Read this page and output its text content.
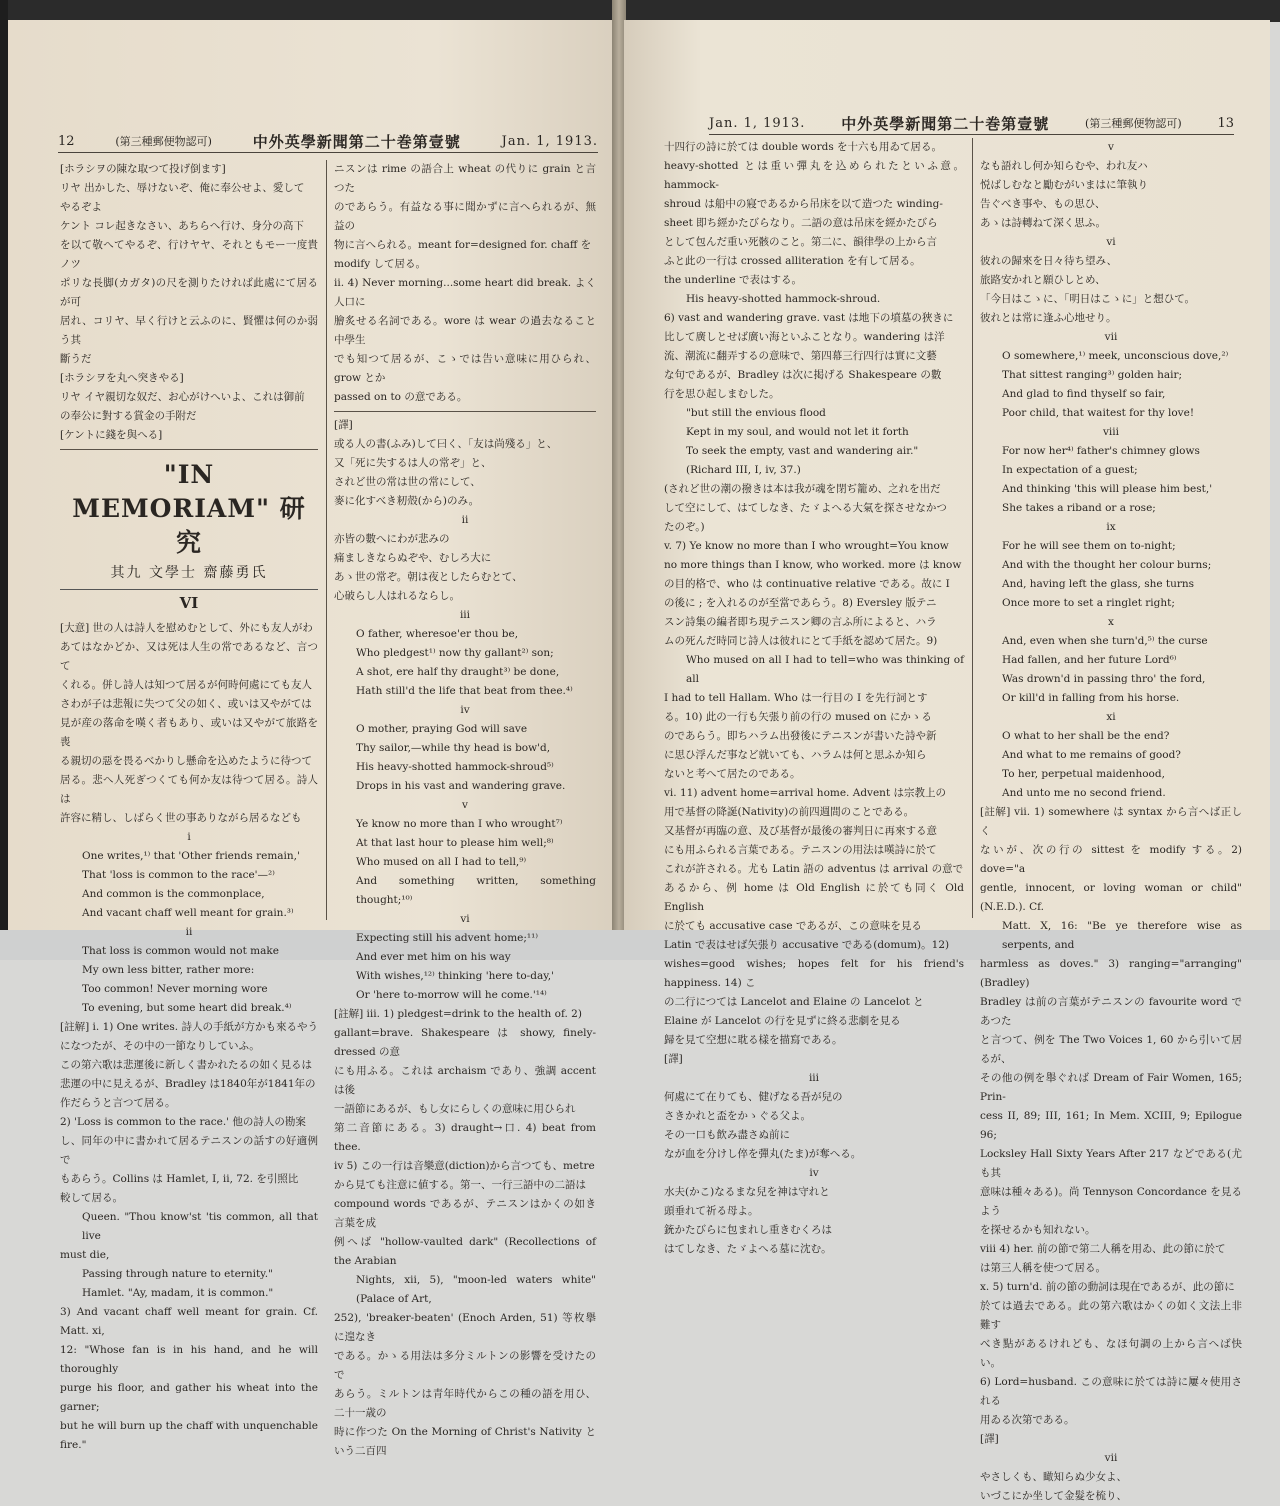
12	(第三種郵便物認可)	中外英學新聞第二十巻第壹號	Jan. 1, 1913.

[ホラシヲの陳な取つて投げ倒ます]

リヤ 出かした、辱けないぞ、俺に奉公せよ、愛して

やるぞよ

ケント コレ起きなさい、あちらへ行け、身分の高下

を以て敬へてやるぞ、行けヤヤ、それともモー一度貴ノツ

ポリな長脚(カガタ)の尺を測りたければ此處にて居るが可

居れ、コリヤ、早く行けと云ふのに、賢懼は何のか弱う其

斷うだ

[ホラシヲを丸へ突きやる]

リヤ イヤ親切な奴だ、お心がけへいよ、これは御前

の奉公に對する賞金の手附だ

[ケントに錢を與へる]

"IN MEMORIAM" 研究
其九 文學士 齋藤勇氏
VI

[大意] 世の人は詩人を慰めむとして、外にも友人がわ

あてはなかどか、又は死は人生の常であるなど、言つて

くれる。併し詩人は知つて居るが何時何處にても友人

さわが子は悲報に失つて父の如く、或いは又やがては

見が産の落命を嘆く者もあり、或いは又やがて旅路を喪

る親切の惡を畏るべかりし懸命を込めたように待つて

居る。悲へ人死ぎつくても何か友は待つて居る。詩人は

許容に精し、しばらく世の事ありながら居るなども

i

One writes,¹⁾ that 'Other friends remain,'

That 'loss is common to the race'—²⁾

And common is the commonplace,

And vacant chaff well meant for grain.³⁾

ii

That loss is common would not make

My own less bitter, rather more:

Too common! Never morning wore

To evening, but some heart did break.⁴⁾

[註解] i. 1) One writes. 詩人の手紙が方かも來るやう

になつたが、その中の一節なりしていふ。

この第六歌は悲運後に新しく書かれたるの如く見るは

悲運の中に見えるが、Bradley は1840年が1841年の

作だらうと言つて居る。

2) 'Loss is common to the race.' 他の詩人の勘案

し、同年の中に書かれて居るテニスンの話すの好適例で

もあらう。Collins は Hamlet, I, ii, 72. を引照比

較して居る。

Queen. "Thou know'st 'tis common, all that live

must die,

Passing through nature to eternity."

Hamlet. "Ay, madam, it is common."

3) And vacant chaff well meant for grain. Cf. Matt. xi,

12: "Whose fan is in his hand, and he will thoroughly

purge his floor, and gather his wheat into the garner;

but he will burn up the chaff with unquenchable fire."

ニスンは rime の語合上 wheat の代りに grain と言つた

のであらう。有益なる事に聞かずに言へられるが、無益の

物に言へられる。meant for=designed for. chaff を

modify して居る。

ii. 4) Never morning...some heart did break. よく人口に

膾炙せる名詞である。wore は wear の過去なること中學生

でも知つて居るが、こゝでは告い意味に用ひられ、grow とか

passed on to の意である。

[譯]

或る人の書(ふみ)して曰く、「友は尚殘る」と、

又「死に失するは人の常ぞ」と、

されど世の常は世の常にして、

麥に化すべき籾殻(から)のみ。

ii

亦皆の數へにわが悲みの

痛ましきならぬぞや、むしろ大に

あゝ世の常ぞ。朝は夜としたらむとて、

心破らし人はれるならし。

iii

O father, wheresoe'er thou be,

Who pledgest¹⁾ now thy gallant²⁾ son;

A shot, ere half thy draught³⁾ be done,

Hath still'd the life that beat from thee.⁴⁾

iv

O mother, praying God will save

Thy sailor,—while thy head is bow'd,

His heavy-shotted hammock-shroud⁵⁾

Drops in his vast and wandering grave.

v

Ye know no more than I who wrought⁷⁾

At that last hour to please him well;⁸⁾

Who mused on all I had to tell,⁹⁾

And something written, something thought;¹⁰⁾

vi

Expecting still his advent home;¹¹⁾

And ever met him on his way

With wishes,¹²⁾ thinking 'here to-day,'

Or 'here to-morrow will he come.'¹⁴⁾

[註解] iii. 1) pledgest=drink to the health of. 2)

gallant=brave. Shakespeare は showy, finely-dressed の意

にも用ふる。これは archaism であり、強調 accent は後

一語節にあるが、もし女にらしくの意味に用ひられ

第二音節にある。3) draught→口. 4) beat from thee.

iv 5) この一行は音樂意(diction)から言つても、metre

から見ても注意に値する。第一、一行三語中の二語は

compound words であるが、テニスンはかくの如き言葉を成

例へば "hollow-vaulted dark" (Recollections of the Arabian

Nights, xii, 5), "moon-led waters white" (Palace of Art,

252), 'breaker-beaten' (Enoch Arden, 51) 等枚擧に遑なき

である。かゝる用法は多分ミルトンの影響を受けたので

あらう。ミルトンは青年時代からこの種の語を用ひ、二十一歳の

時に作つた On the Morning of Christ's Nativity という二百四

Jan. 1, 1913. 中外英學新聞第二十巻第壹號	(第三種郵便物認可)	13

十四行の詩に於ては double words を十六も用ゐて居る。

heavy-shotted とは重い彈丸を込められたといふ意。hammock-

shroud は船中の寢であるから吊床を以て造つた winding-

sheet 即ち經かたびらなり。二語の意は吊床を經かたびら

として包んだ重い死骸のこと。第二に、韻律學の上から言

ふと此の一行は crossed alliteration を有して居る。

the underline で表はする。

His heavy-shotted hammock-shroud.

6) vast and wandering grave. vast は地下の墳墓の狹きに

比して廣しとせば廣い海といふことなり。wandering は洋

流、潮流に翻弄するの意味で、第四幕三行四行は實に文藝

な句であるが、Bradley は次に掲げる Shakespeare の數

行を思ひ起しまむした。

"but still the envious flood

Kept in my soul, and would not let it forth

To seek the empty, vast and wandering air."

(Richard III, I, iv, 37.)

(されど世の潮の撥きは本は我が魂を閉ぢ籠め、之れを出だ

して空にして、はてしなき、たゞよへる大氣を探させなかつ

たのぞ。)

v. 7) Ye know no more than I who wrought=You know

no more things than I know, who worked. more は know

の目的格で、who は continuative relative である。故に I

の後に ; を入れるのが至當であらう。8) Eversley 版テニ

スン詩集の編者即ち現テニスン卿の言ふ所によると、ハラ

ムの死んだ時同じ詩人は彼れにとて手紙を認めて居た。9)

Who mused on all I had to tell=who was thinking of all

I had to tell Hallam. Who は一行目の I を先行詞とす

る。10) 此の一行も矢張り前の行の mused on にかゝる

のであらう。即ちハラム出發後にテニスンが書いた詩や新

に思ひ浮んだ事など就いても、ハラムは何と思ふか知ら

ないと考へて居たのである。

vi. 11) advent home=arrival home. Advent は宗教上の

用で基督の降誕(Nativity)の前四週間のことである。

又基督が再臨の意、及び基督が最後の審判日に再來する意

にも用ふられる言葉である。テニスンの用法は嘆詩に於て

これが許される。尤も Latin 語の adventus は arrival の意で

あるから、例 home は Old English に於ても同く Old English

に於ても accusative case であるが、この意味を見る

Latin で表はせば矢張り accusative である(domum)。12)

wishes=good wishes; hopes felt for his friend's happiness. 14) こ

の二行につては Lancelot and Elaine の Lancelot と

Elaine が Lancelot の行を見ずに終る悲劇を見る

歸を見て空想に耽る樣を描寫である。

[譯]

iii

何處にて在りても、健げなる吾が兒の

さきかれと盃をかゝぐる父よ。

その一口も飲み盡さぬ前に

なが血を分けし倅を彈丸(たま)が奪へる。

iv

水夫(かこ)なるまな兒を神は守れと

頭垂れて祈る母よ。

銃かたびらに包まれし重きむくろは

はてしなき、たゞよへる墓に沈む。

v

なも語れし何か知らむや、われ友ハ

悦ばしむなと勵むがいまはに筆執り

告ぐべき事や、もの思ひ、

あゝは詩轉ねて深く思ふ。

vi

彼れの歸來を日々待ち望み、

旅路安かれと願ひしとめ、

「今日はこゝに、「明日はこゝに」と想ひて。

彼れとは常に逢ふ心地せり。

vii

O somewhere,¹⁾ meek, unconscious dove,²⁾

That sittest ranging³⁾ golden hair;

And glad to find thyself so fair,

Poor child, that waitest for thy love!

viii

For now her⁴⁾ father's chimney glows

In expectation of a guest;

And thinking 'this will please him best,'

She takes a riband or a rose;

ix

For he will see them on to-night;

And with the thought her colour burns;

And, having left the glass, she turns

Once more to set a ringlet right;

x

And, even when she turn'd,⁵⁾ the curse

Had fallen, and her future Lord⁶⁾

Was drown'd in passing thro' the ford,

Or kill'd in falling from his horse.

xi

O what to her shall be the end?

And what to me remains of good?

To her, perpetual maidenhood,

And unto me no second friend.

[註解] vii. 1) somewhere は syntax から言へば正しく

ないが、次の行の sittest を modify する。2) dove="a

gentle, innocent, or loving woman or child" (N.E.D.). Cf.

Matt. X, 16: "Be ye therefore wise as serpents, and

harmless as doves." 3) ranging="arranging" (Bradley)

Bradley は前の言葉がテニスンの favourite word であつた

と言つて、例を The Two Voices 1, 60 から引いて居るが、

その他の例を舉ぐれば Dream of Fair Women, 165; Prin-

cess II, 89; III, 161; In Mem. XCIII, 9; Epilogue 96;

Locksley Hall Sixty Years After 217 などである(尤も其

意味は種々ある)。尚 Tennyson Concordance を見るよう

を探せるかも知れない。

viii 4) her. 前の節で第二人稱を用ゐ、此の節に於て

は第三人稱を使つて居る。

x. 5) turn'd. 前の節の動詞は現在であるが、此の節に

於ては過去である。此の第六歌はかくの如く文法上非難す

べき點があるけれども、なほ句調の上から言へば快い。

6) Lord=husband. この意味に於ては詩に屢々使用される

用ゐる次第である。

[譯]

vii

やさしくも、瞰知らぬ少女よ、

いづこにか坐して金髮を梳り、
